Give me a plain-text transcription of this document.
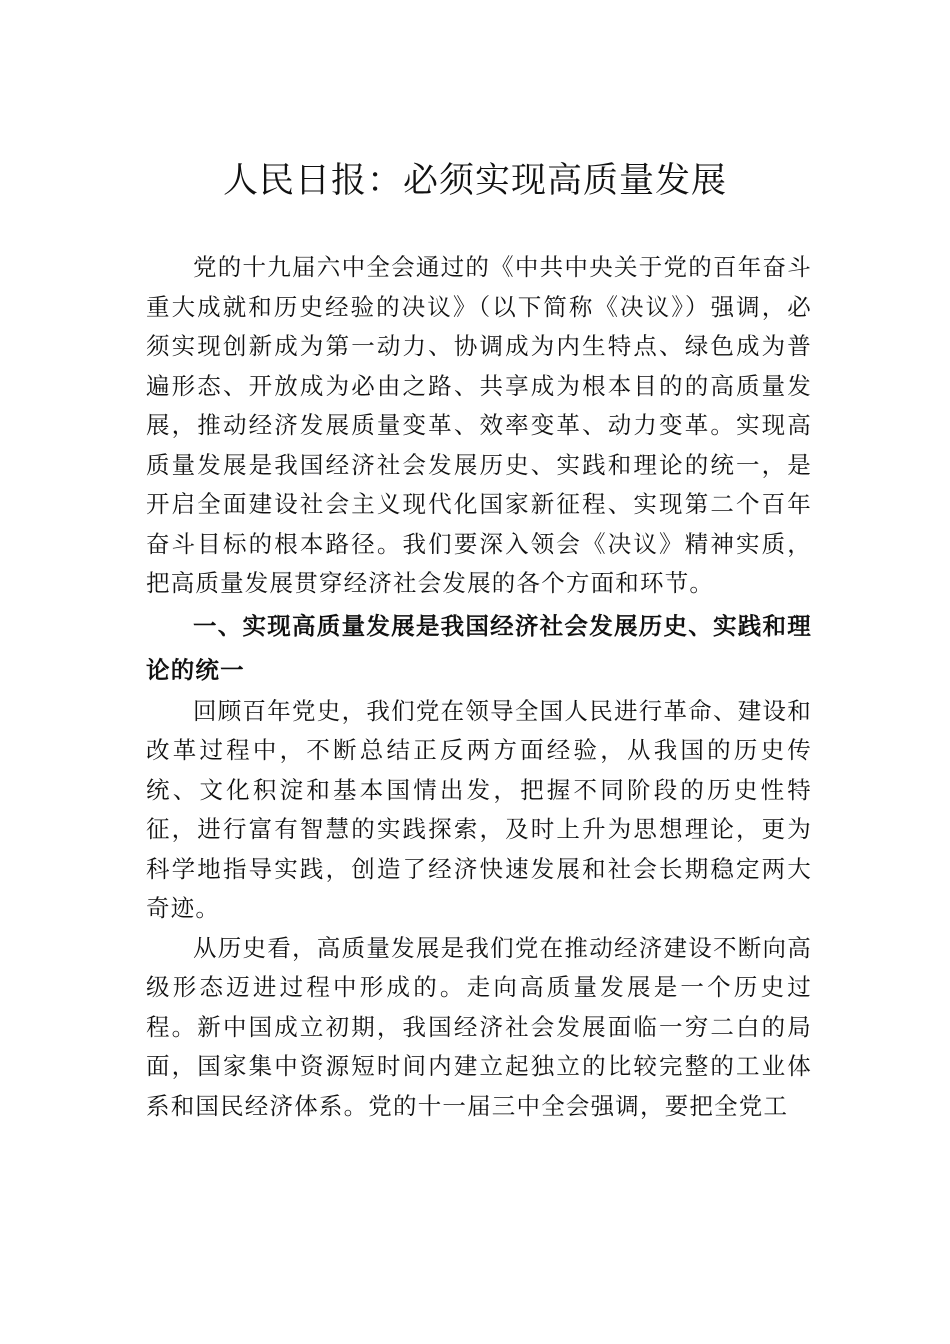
人民日报：必须实现高质量发展

党的十九届六中全会通过的《中共中央关于党的百年奋斗重大成就和历史经验的决议》（以下简称《决议》）强调，必须实现创新成为第一动力、协调成为内生特点、绿色成为普遍形态、开放成为必由之路、共享成为根本目的的高质量发展，推动经济发展质量变革、效率变革、动力变革。实现高质量发展是我国经济社会发展历史、实践和理论的统一，是开启全面建设社会主义现代化国家新征程、实现第二个百年奋斗目标的根本路径。我们要深入领会《决议》精神实质，把高质量发展贯穿经济社会发展的各个方面和环节。

一、实现高质量发展是我国经济社会发展历史、实践和理论的统一

回顾百年党史，我们党在领导全国人民进行革命、建设和改革过程中，不断总结正反两方面经验，从我国的历史传统、文化积淀和基本国情出发，把握不同阶段的历史性特征，进行富有智慧的实践探索，及时上升为思想理论，更为科学地指导实践，创造了经济快速发展和社会长期稳定两大奇迹。

从历史看，高质量发展是我们党在推动经济建设不断向高级形态迈进过程中形成的。走向高质量发展是一个历史过程。新中国成立初期，我国经济社会发展面临一穷二白的局面，国家集中资源短时间内建立起独立的比较完整的工业体系和国民经济体系。党的十一届三中全会强调，要把全党工
